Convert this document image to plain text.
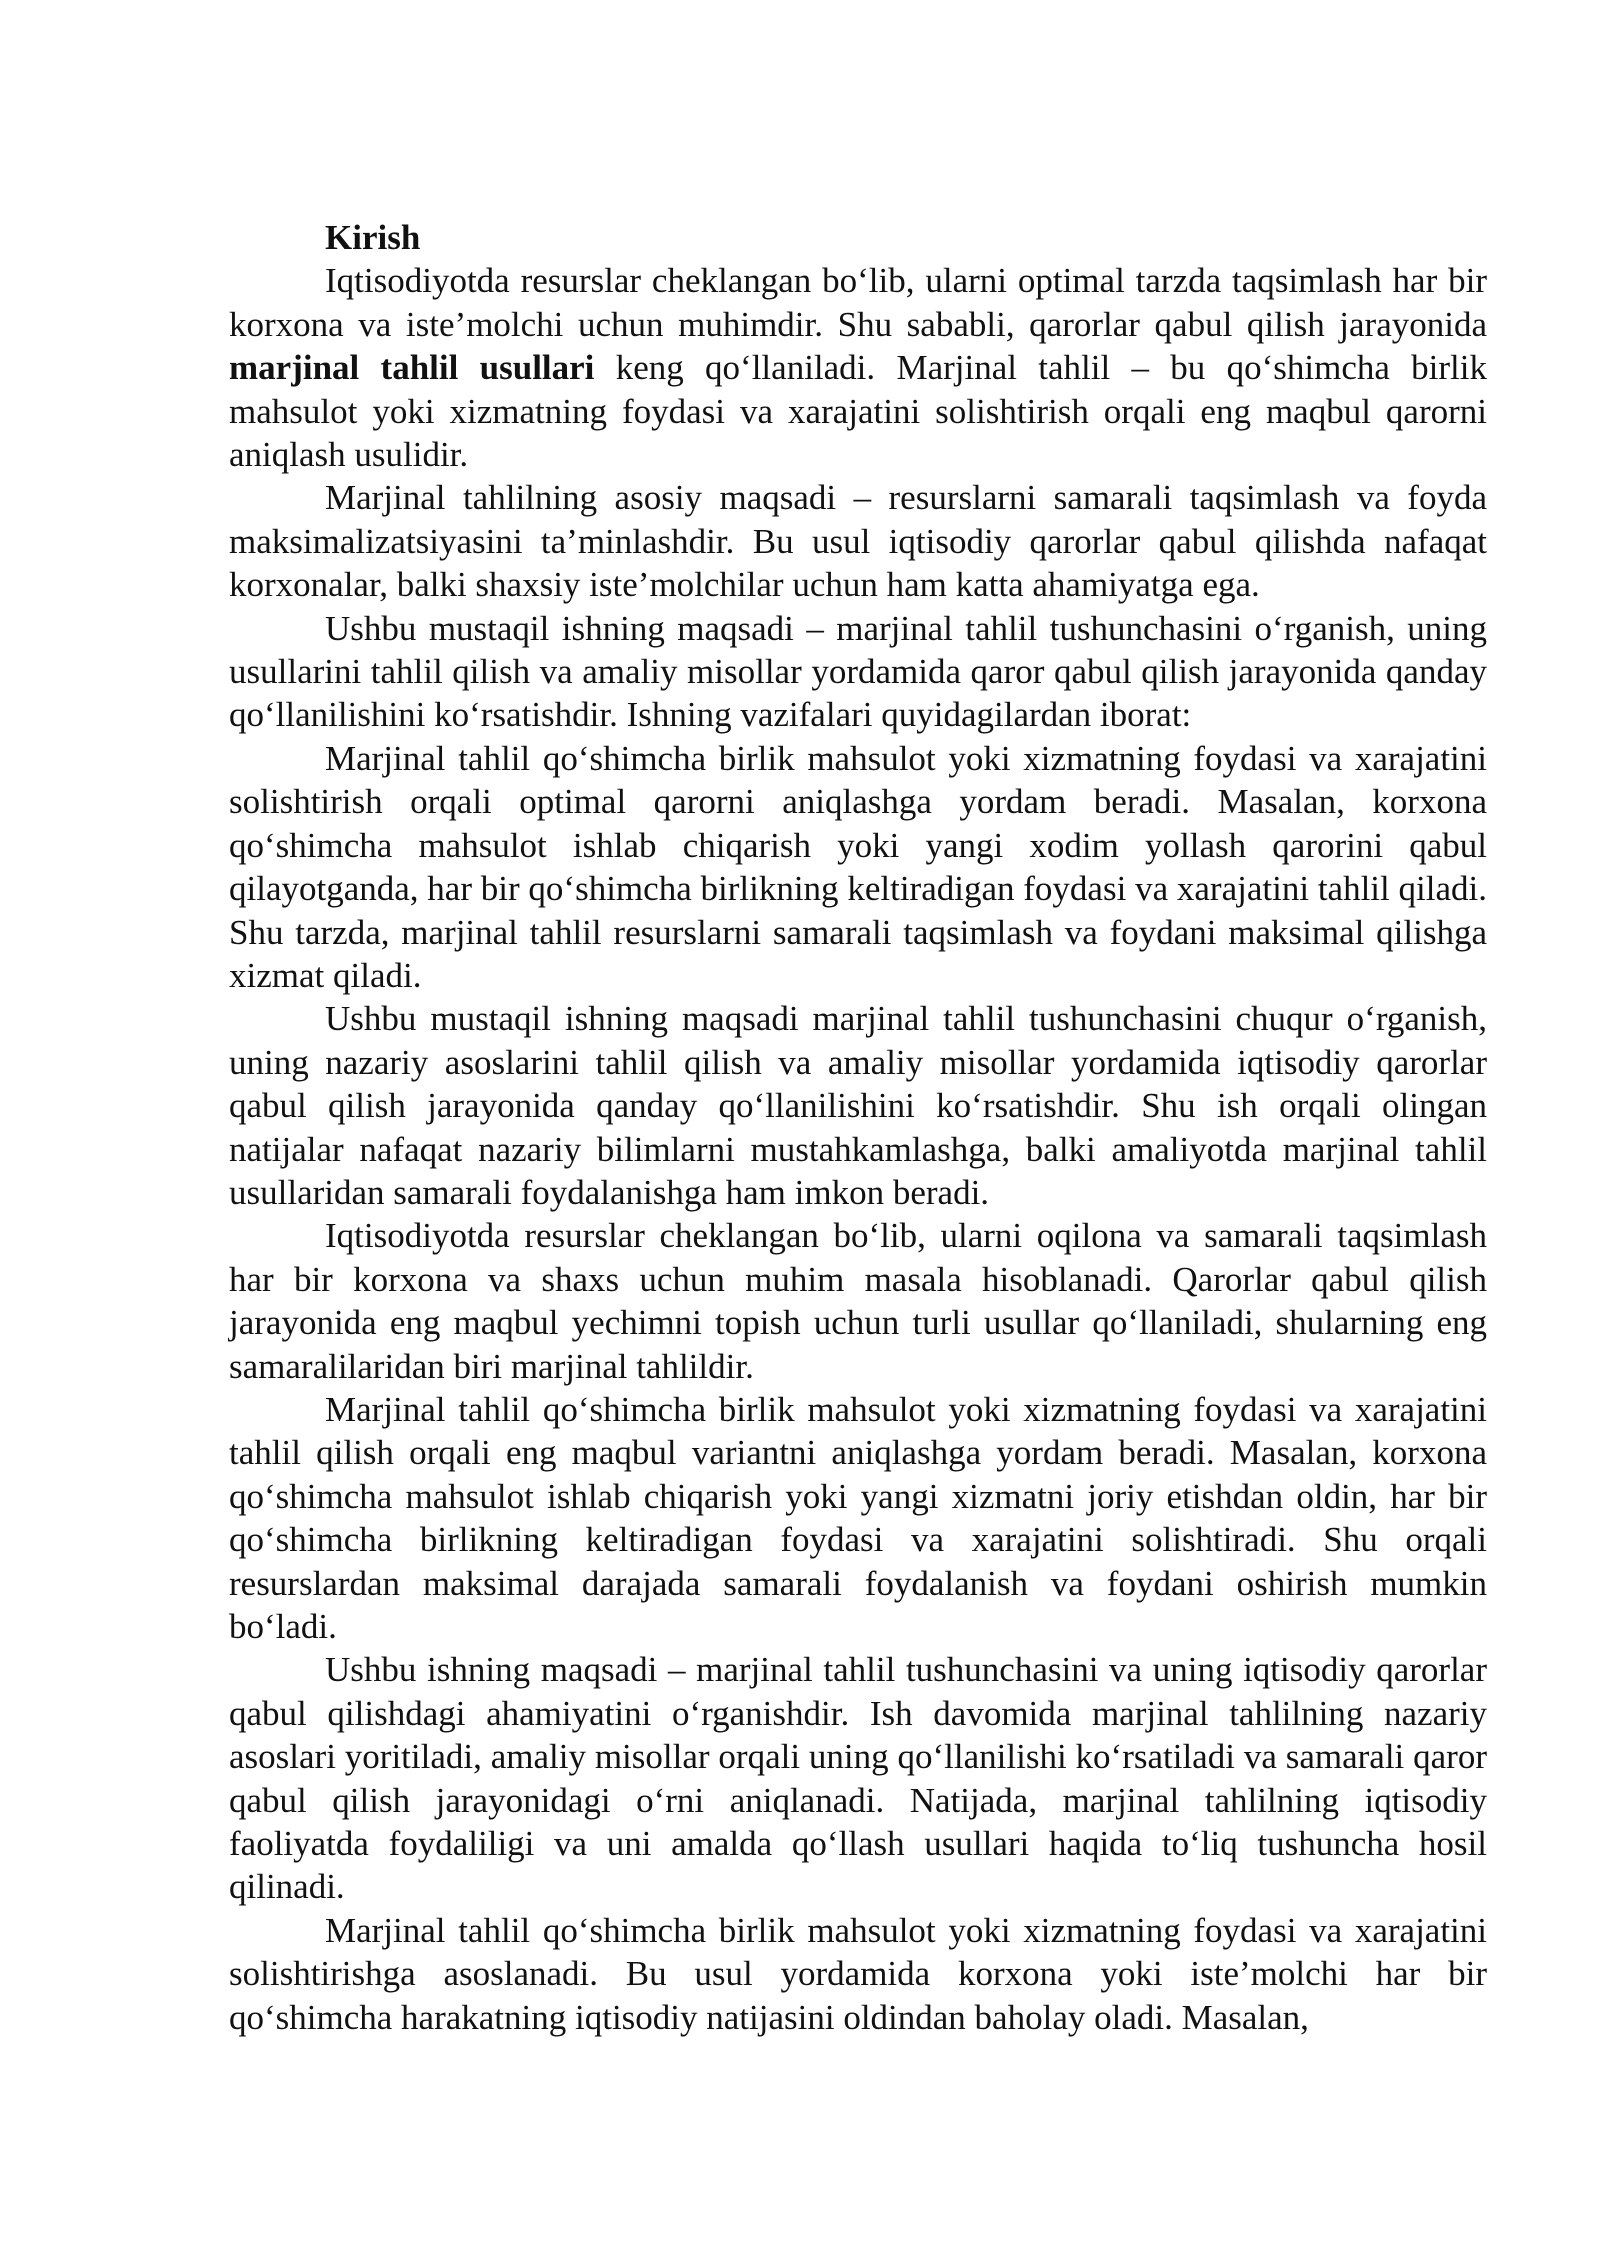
Kirish

Iqtisodiyotda resurslar cheklangan bo‘lib, ularni optimal tarzda taqsimlash har bir korxona va iste’molchi uchun muhimdir. Shu sababli, qarorlar qabul qilish jarayonida marjinal tahlil usullari keng qo‘llaniladi. Marjinal tahlil – bu qo‘shimcha birlik mahsulot yoki xizmatning foydasi va xarajatini solishtirish orqali eng maqbul qarorni aniqlash usulidir.

Marjinal tahlilning asosiy maqsadi – resurslarni samarali taqsimlash va foyda maksimalizatsiyasini ta’minlashdir. Bu usul iqtisodiy qarorlar qabul qilishda nafaqat korxonalar, balki shaxsiy iste’molchilar uchun ham katta ahamiyatga ega.

Ushbu mustaqil ishning maqsadi – marjinal tahlil tushunchasini o‘rganish, uning usullarini tahlil qilish va amaliy misollar yordamida qaror qabul qilish jarayonida qanday qo‘llanilishini ko‘rsatishdir. Ishning vazifalari quyidagilardan iborat:

Marjinal tahlil qo‘shimcha birlik mahsulot yoki xizmatning foydasi va xarajatini solishtirish orqali optimal qarorni aniqlashga yordam beradi. Masalan, korxona qo‘shimcha mahsulot ishlab chiqarish yoki yangi xodim yollash qarorini qabul qilayotganda, har bir qo‘shimcha birlikning keltiradigan foydasi va xarajatini tahlil qiladi. Shu tarzda, marjinal tahlil resurslarni samarali taqsimlash va foydani maksimal qilishga xizmat qiladi.

Ushbu mustaqil ishning maqsadi marjinal tahlil tushunchasini chuqur o‘rganish, uning nazariy asoslarini tahlil qilish va amaliy misollar yordamida iqtisodiy qarorlar qabul qilish jarayonida qanday qo‘llanilishini ko‘rsatishdir. Shu ish orqali olingan natijalar nafaqat nazariy bilimlarni mustahkamlashga, balki amaliyotda marjinal tahlil usullaridan samarali foydalanishga ham imkon beradi.

Iqtisodiyotda resurslar cheklangan bo‘lib, ularni oqilona va samarali taqsimlash har bir korxona va shaxs uchun muhim masala hisoblanadi. Qarorlar qabul qilish jarayonida eng maqbul yechimni topish uchun turli usullar qo‘llaniladi, shularning eng samaralilaridan biri marjinal tahlildir.

Marjinal tahlil qo‘shimcha birlik mahsulot yoki xizmatning foydasi va xarajatini tahlil qilish orqali eng maqbul variantni aniqlashga yordam beradi. Masalan, korxona qo‘shimcha mahsulot ishlab chiqarish yoki yangi xizmatni joriy etishdan oldin, har bir qo‘shimcha birlikning keltiradigan foydasi va xarajatini solishtiradi. Shu orqali resurslardan maksimal darajada samarali foydalanish va foydani oshirish mumkin bo‘ladi.

Ushbu ishning maqsadi – marjinal tahlil tushunchasini va uning iqtisodiy qarorlar qabul qilishdagi ahamiyatini o‘rganishdir. Ish davomida marjinal tahlilning nazariy asoslari yoritiladi, amaliy misollar orqali uning qo‘llanilishi ko‘rsatiladi va samarali qaror qabul qilish jarayonidagi o‘rni aniqlanadi. Natijada, marjinal tahlilning iqtisodiy faoliyatda foydaliligi va uni amalda qo‘llash usullari haqida to‘liq tushuncha hosil qilinadi.

Marjinal tahlil qo‘shimcha birlik mahsulot yoki xizmatning foydasi va xarajatini solishtirishga asoslanadi. Bu usul yordamida korxona yoki iste’molchi har bir qo‘shimcha harakatning iqtisodiy natijasini oldindan baholay oladi. Masalan,
